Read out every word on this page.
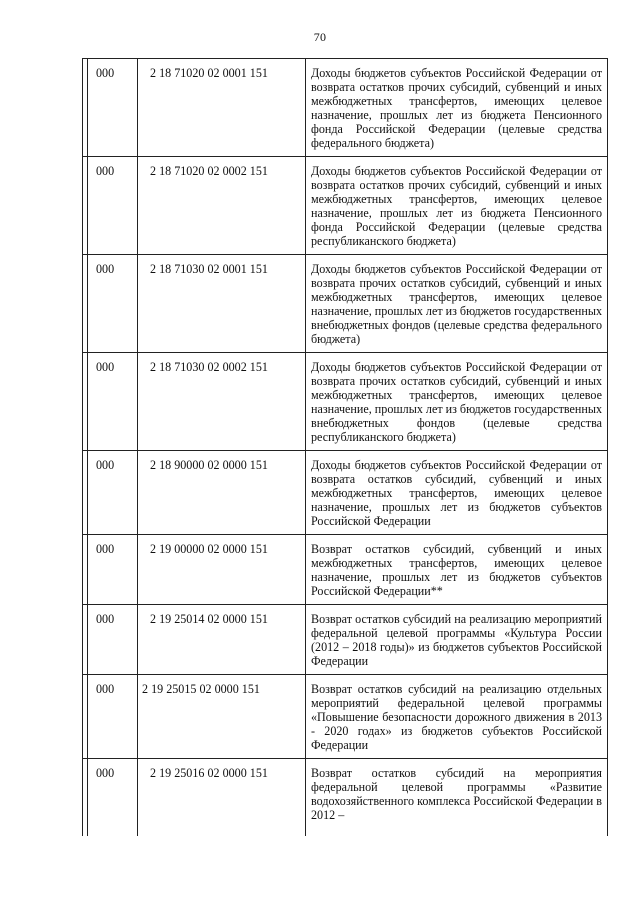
70
	000	2 18 71020 02 0001 151	Доходы бюджетов субъектов Российской Федерации от возврата остатков прочих субсидий, субвенций и иных межбюджетных трансфертов, имеющих целевое назначение, прошлых лет из бюджета Пенсионного фонда Российской Федерации (целевые средства федерального бюджета)
	000	2 18 71020 02 0002 151	Доходы бюджетов субъектов Российской Федерации от возврата остатков прочих субсидий, субвенций и иных межбюджетных трансфертов, имеющих целевое назначение, прошлых лет из бюджета Пенсионного фонда Российской Федерации (целевые средства республиканского бюджета)
	000	2 18 71030 02 0001 151	Доходы бюджетов субъектов Российской Федерации от возврата прочих остатков субсидий, субвенций и иных межбюджетных трансфертов, имеющих целевое назначение, прошлых лет из бюджетов государственных внебюджетных фондов (целевые средства федерального бюджета)
	000	2 18 71030 02 0002 151	Доходы бюджетов субъектов Российской Федерации от возврата прочих остатков субсидий, субвенций и иных межбюджетных трансфертов, имеющих целевое назначение, прошлых лет из бюджетов государственных внебюджетных фондов (целевые средства республиканского бюджета)
	000	2 18 90000 02 0000 151	Доходы бюджетов субъектов Российской Федерации от возврата остатков субсидий, субвенций и иных межбюджетных трансфертов, имеющих целевое назначение, прошлых лет из бюджетов субъектов Российской Федерации
	000	2 19 00000 02 0000 151	Возврат остатков субсидий, субвенций и иных межбюджетных трансфертов, имеющих целевое назначение, прошлых лет из бюджетов субъектов Российской Федерации**
	000	2 19 25014 02 0000 151	Возврат остатков субсидий на реализацию мероприятий федеральной целевой программы «Культура России (2012 – 2018 годы)» из бюджетов субъектов Российской Федерации
	000	2 19 25015 02 0000 151	Возврат остатков субсидий на реализацию отдельных мероприятий федеральной целевой программы «Повышение безопасности дорожного движения в 2013 - 2020 годах» из бюджетов субъектов Российской Федерации
	000	2 19 25016 02 0000 151	Возврат остатков субсидий на мероприятия федеральной целевой программы «Развитие водохозяйственного комплекса Российской Федерации в 2012 –
